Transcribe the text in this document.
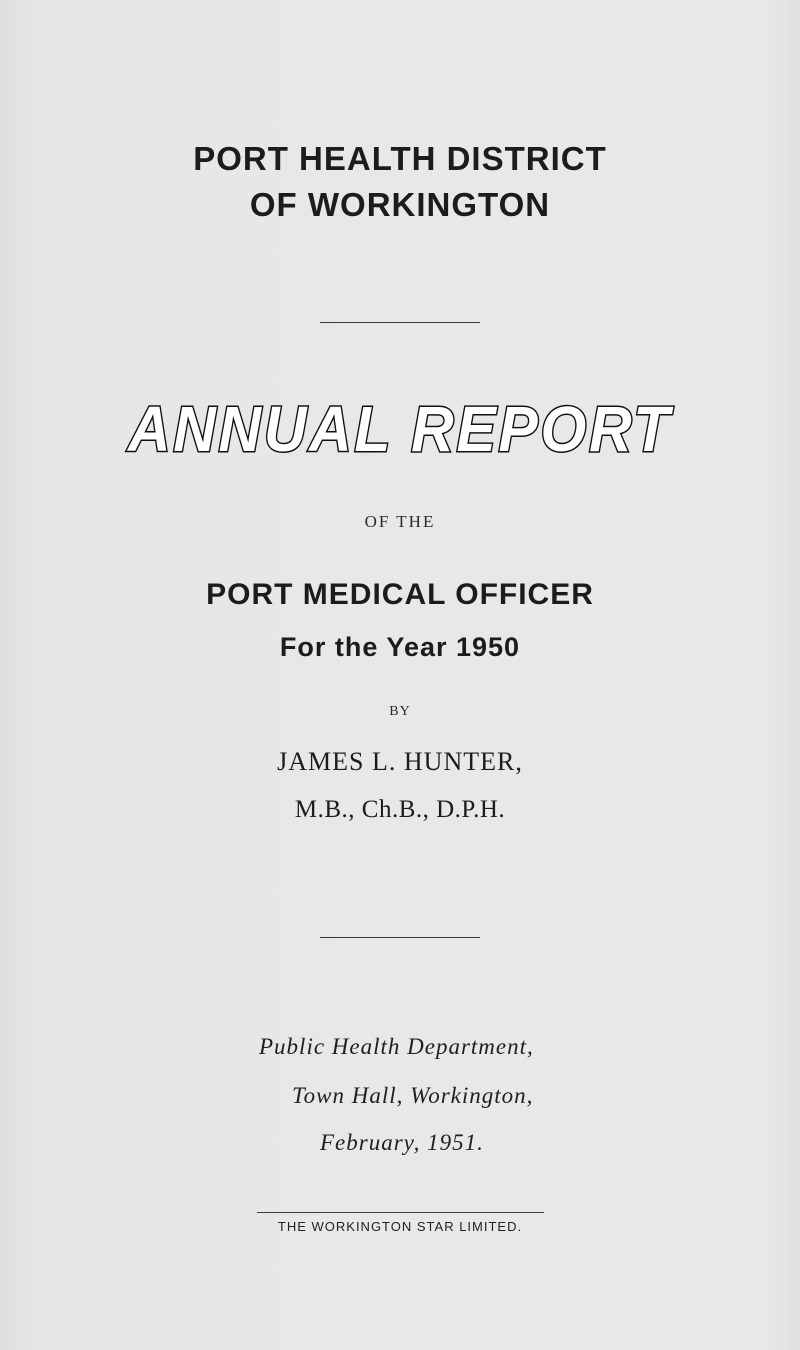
PORT HEALTH DISTRICT
OF WORKINGTON
ANNUAL REPORT
OF THE
PORT MEDICAL OFFICER
For the Year 1950
BY
JAMES L. HUNTER,
M.B., Ch.B., D.P.H.
Public Health Department,
Town Hall, Workington,
February, 1951.
THE WORKINGTON STAR LIMITED.
